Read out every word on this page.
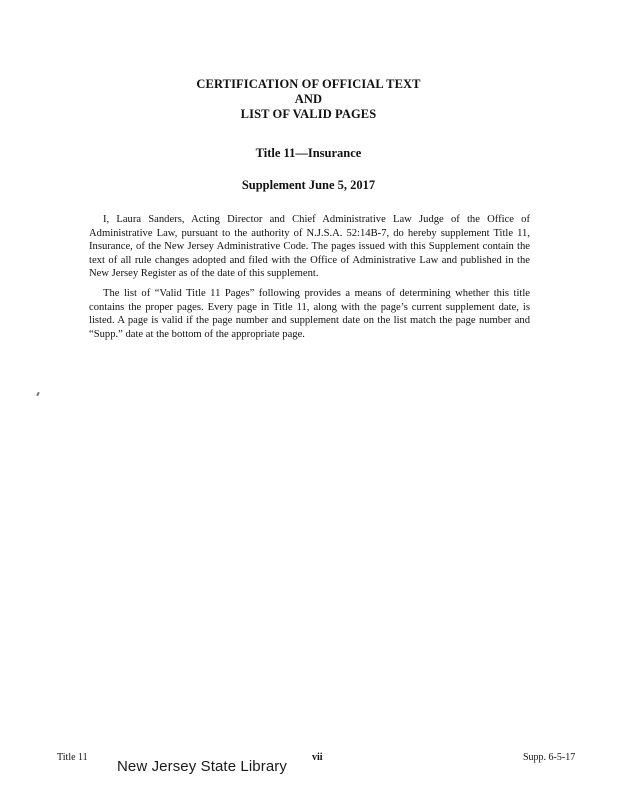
CERTIFICATION OF OFFICIAL TEXT
AND
LIST OF VALID PAGES
Title 11—Insurance
Supplement June 5, 2017

I, Laura Sanders, Acting Director and Chief Administrative Law Judge of the Office of Administrative Law, pursuant to the authority of N.J.S.A. 52:14B-7, do hereby supplement Title 11, Insurance, of the New Jersey Administrative Code. The pages issued with this Supplement contain the text of all rule changes adopted and filed with the Office of Administrative Law and published in the New Jersey Register as of the date of this supplement.

The list of “Valid Title 11 Pages” following provides a means of determining whether this title contains the proper pages. Every page in Title 11, along with the page’s current supplement date, is listed. A page is valid if the page number and supplement date on the list match the page number and “Supp.” date at the bottom of the appropriate page.

Title 11
New Jersey State Library
vii	Supp. 6-5-17
